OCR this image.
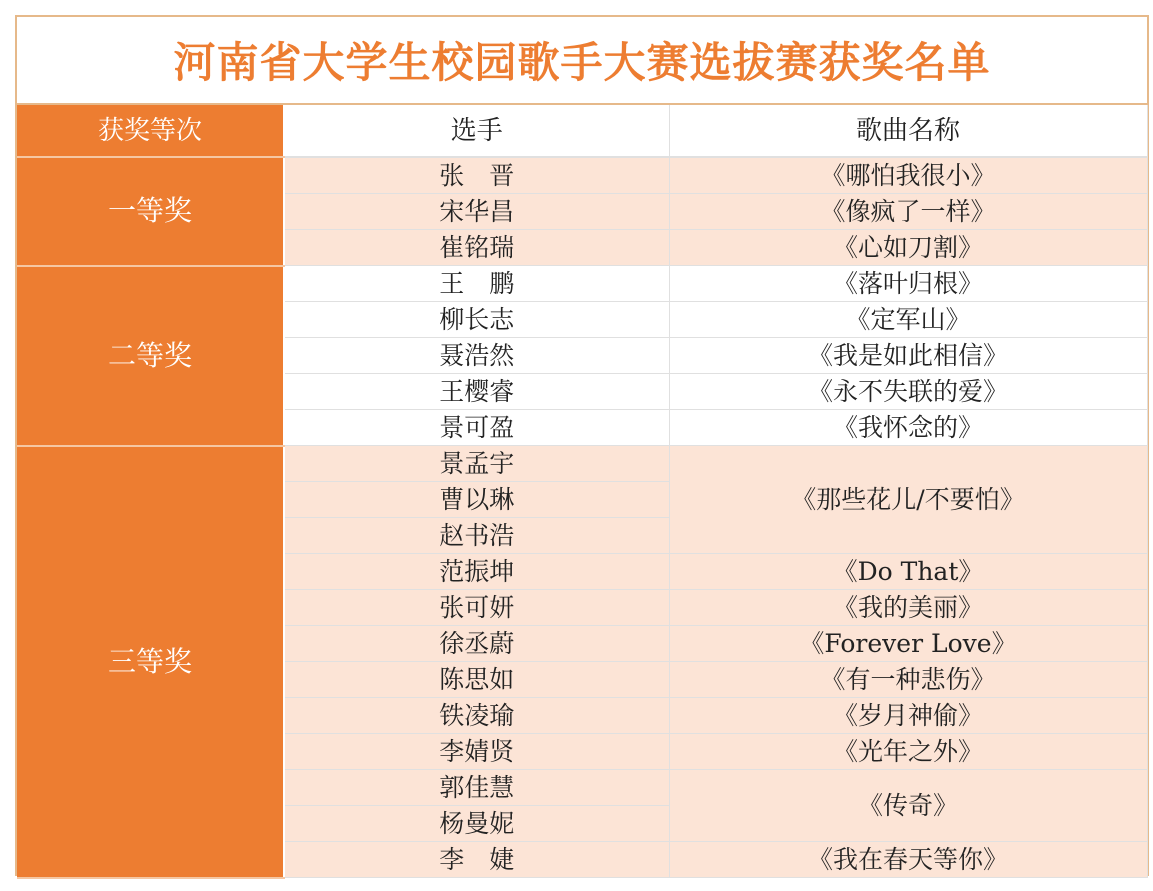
河南省大学生校园歌手大赛选拔赛获奖名单
获奖等次	选手	歌曲名称
一等奖	张　晋	《哪怕我很小》
	宋华昌	《像疯了一样》
	崔铭瑞	《心如刀割》
二等奖	王　鹏	《落叶归根》
	柳长志	《定军山》
	聂浩然	《我是如此相信》
	王樱睿	《永不失联的爱》
	景可盈	《我怀念的》
三等奖	景孟宇	《那些花儿/不要怕》
	曹以琳	
	赵书浩	
	范振坤	《Do That》
	张可妍	《我的美丽》
	徐丞蔚	《Forever Love》
	陈思如	《有一种悲伤》
	铁凌瑜	《岁月神偷》
	李婧贤	《光年之外》
	郭佳慧	《传奇》
	杨曼妮	
	李　婕	《我在春天等你》
